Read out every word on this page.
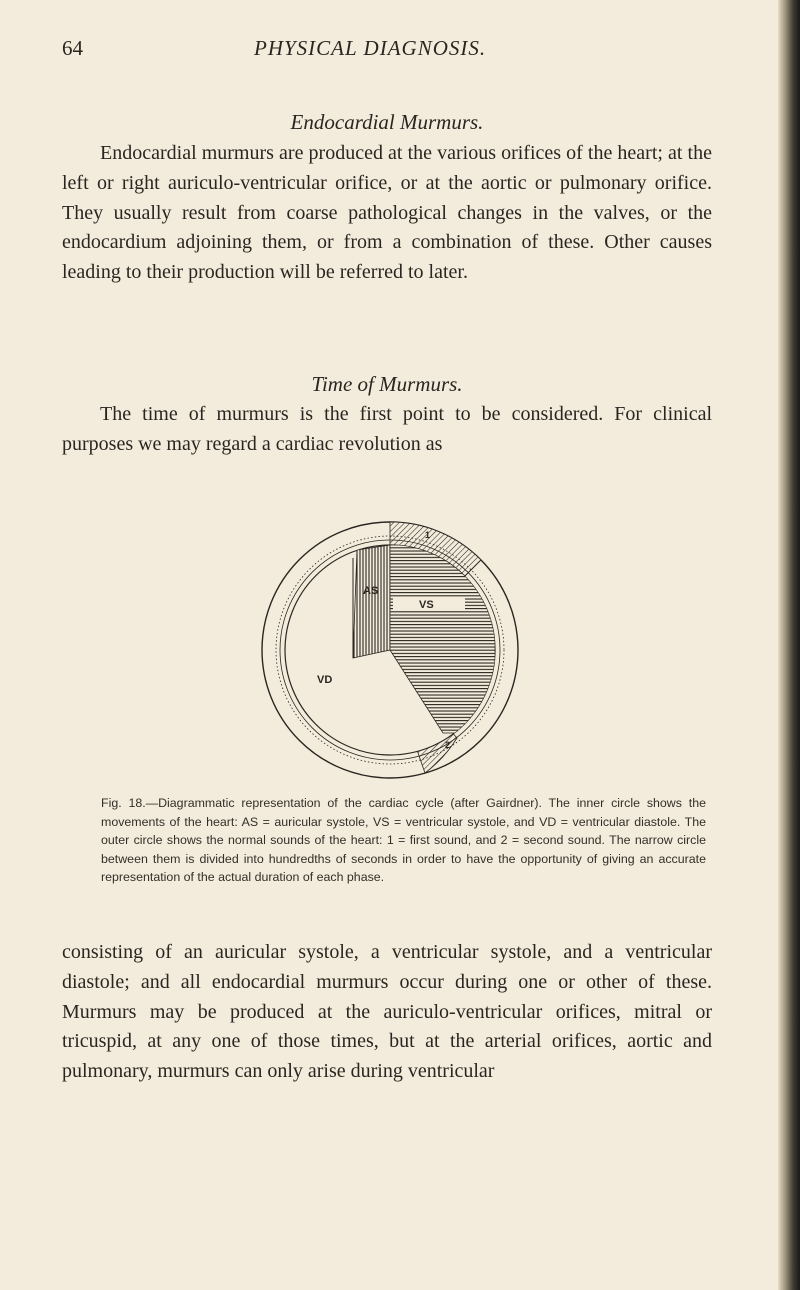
64	PHYSICAL DIAGNOSIS.
Endocardial Murmurs.

Endocardial murmurs are produced at the various orifices of the heart; at the left or right auriculo-ventricular orifice, or at the aortic or pulmonary orifice. They usually result from coarse pathological changes in the valves, or the endocardium adjoining them, or from a combination of these. Other causes leading to their production will be referred to later.

Time of Murmurs.

The time of murmurs is the first point to be considered. For clinical purposes we may regard a cardiac revolution as

AS
VS
VD
1
2

Fig. 18.—Diagrammatic representation of the cardiac cycle (after Gairdner). The inner circle shows the movements of the heart: AS = auricular systole, VS = ventricular systole, and VD = ventricular diastole. The outer circle shows the normal sounds of the heart: 1 = first sound, and 2 = second sound. The narrow circle between them is divided into hundredths of seconds in order to have the opportunity of giving an accurate representation of the actual duration of each phase.

consisting of an auricular systole, a ventricular systole, and a ventricular diastole; and all endocardial murmurs occur during one or other of these. Murmurs may be produced at the auriculo-ventricular orifices, mitral or tricuspid, at any one of those times, but at the arterial orifices, aortic and pulmonary, murmurs can only arise during ventricular
